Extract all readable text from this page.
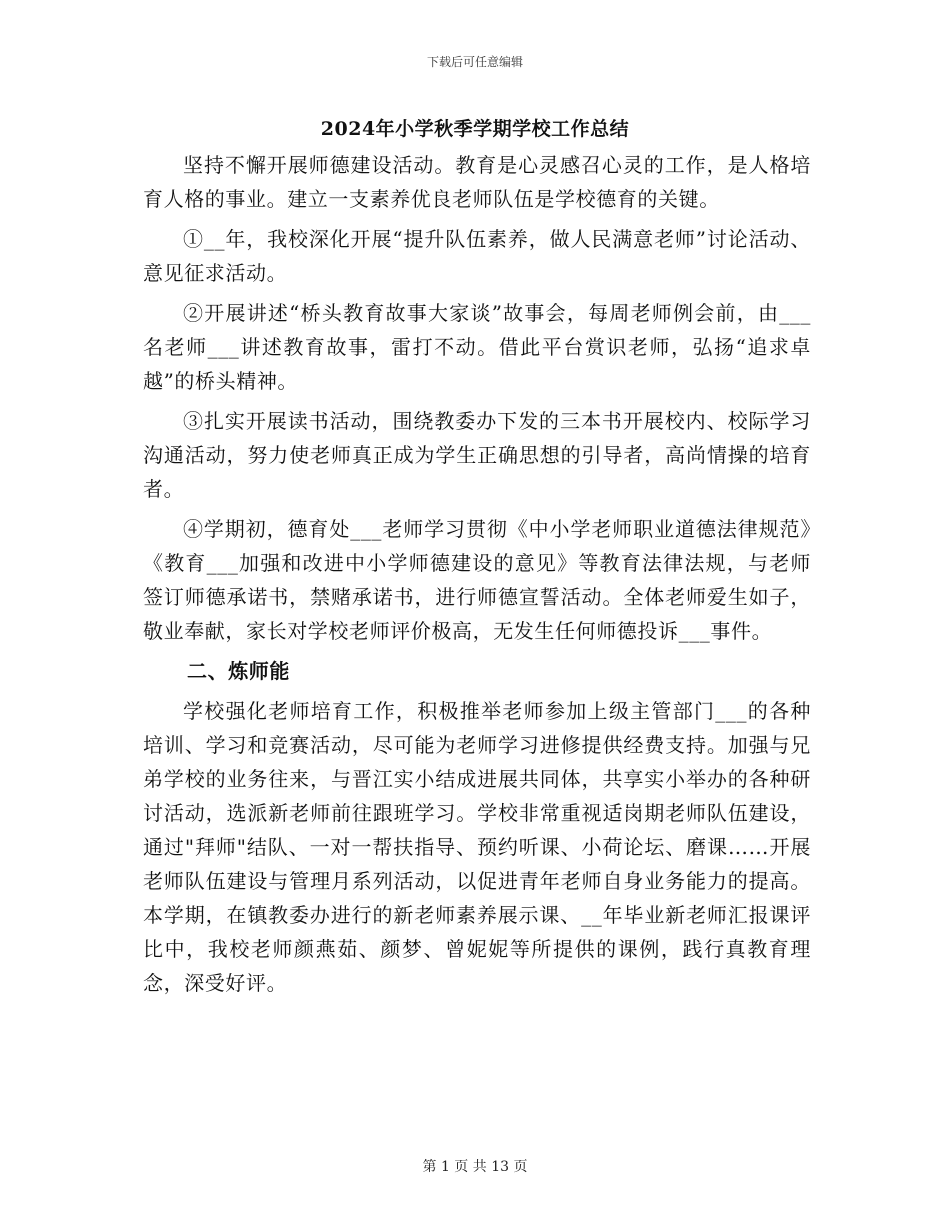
下载后可任意编辑
2024年小学秋季学期学校工作总结

坚持不懈开展师德建设活动。教育是心灵感召心灵的工作，是人格培育人格的事业。建立一支素养优良老师队伍是学校德育的关键。

①__年，我校深化开展“提升队伍素养，做人民满意老师”讨论活动、意见征求活动。

②开展讲述“桥头教育故事大家谈”故事会，每周老师例会前，由___名老师___讲述教育故事，雷打不动。借此平台赏识老师，弘扬“追求卓越”的桥头精神。

③扎实开展读书活动，围绕教委办下发的三本书开展校内、校际学习沟通活动，努力使老师真正成为学生正确思想的引导者，高尚情操的培育者。

④学期初，德育处___老师学习贯彻《中小学老师职业道德法律规范》《教育___加强和改进中小学师德建设的意见》等教育法律法规，与老师签订师德承诺书，禁赌承诺书，进行师德宣誓活动。全体老师爱生如子，敬业奉献，家长对学校老师评价极高，无发生任何师德投诉___事件。

二、炼师能

学校强化老师培育工作，积极推举老师参加上级主管部门___的各种培训、学习和竞赛活动，尽可能为老师学习进修提供经费支持。加强与兄弟学校的业务往来，与晋江实小结成进展共同体，共享实小举办的各种研讨活动，选派新老师前往跟班学习。学校非常重视适岗期老师队伍建设，通过"拜师"结队、一对一帮扶指导、预约听课、小荷论坛、磨课……开展老师队伍建设与管理月系列活动，以促进青年老师自身业务能力的提高。本学期，在镇教委办进行的新老师素养展示课、__年毕业新老师汇报课评比中，我校老师颜燕茹、颜梦、曾妮妮等所提供的课例，践行真教育理念，深受好评。

第 1 页 共 13 页
